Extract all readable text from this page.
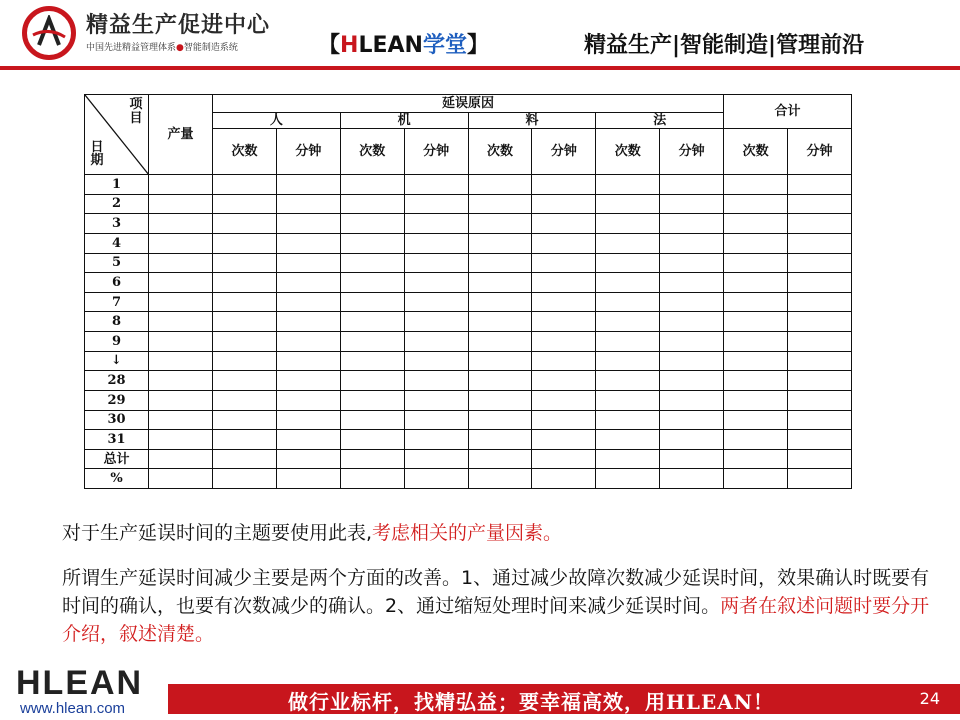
精益生产促进中心
中国先进精益管理体系●智能制造系统	【HLEAN学堂】	精益生产|智能制造|管理前沿
项目
日期	产量	延误原因								合计	
		人		机		料		法			
		次数	分钟	次数	分钟	次数	分钟	次数	分钟	次数	分钟
1											
2											
3											
4											
5											
6											
7											
8											
9											
↓											
28											
29											
30											
31											
总计											
%											
对于生产延误时间的主题要使用此表,考虑相关的产量因素。
所谓生产延误时间减少主要是两个方面的改善。1、通过减少故障次数减少延误时间，效果确认时既要有时间的确认，也要有次数减少的确认。2、通过缩短处理时间来减少延误时间。两者在叙述问题时要分开介绍，叙述清楚。
HLEAN
www.hlean.com	做行业标杆，找精弘益；要幸福高效，用HLEAN！	24
